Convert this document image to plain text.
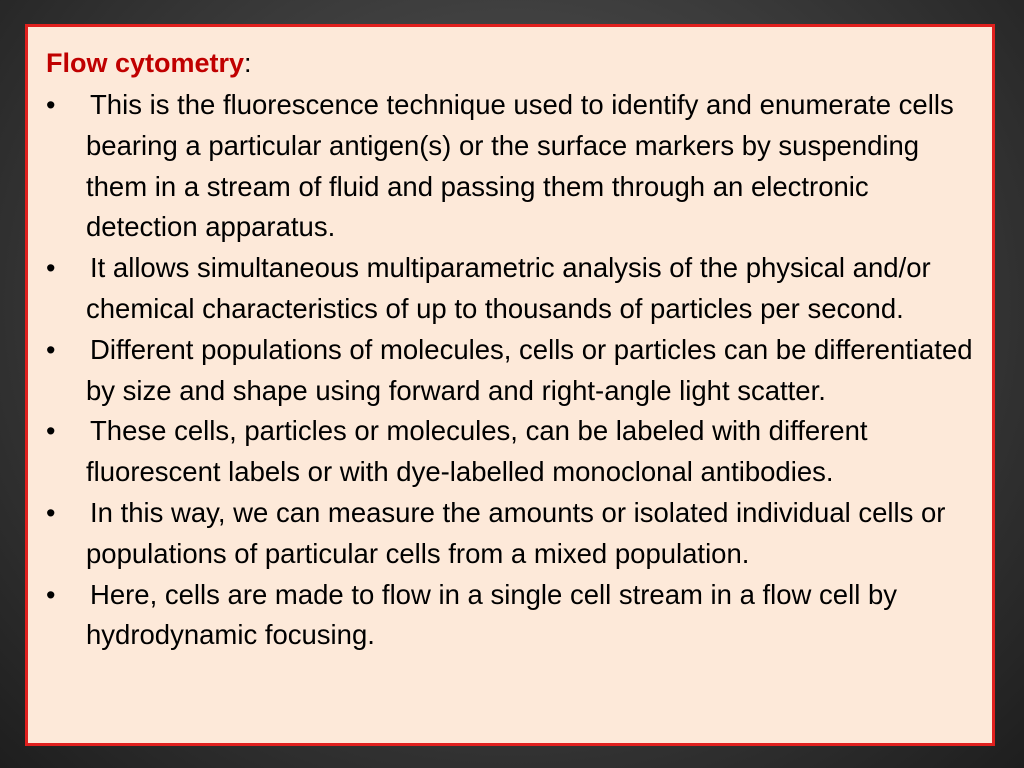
Flow cytometry:
• This is the fluorescence technique used to identify and enumerate cells bearing a particular antigen(s) or the surface markers by suspending them in a stream of fluid and passing them through an electronic detection apparatus.
• It allows simultaneous multiparametric analysis of the physical and/or chemical characteristics of up to thousands of particles per second.
• Different populations of molecules, cells or particles can be differentiated by size and shape using forward and right-angle light scatter.
• These cells, particles or molecules, can be labeled with different fluorescent labels or with dye-labelled monoclonal antibodies.
• In this way, we can measure the amounts or isolated individual cells or populations of particular cells from a mixed population.
• Here, cells are made to flow in a single cell stream in a flow cell by hydrodynamic focusing.
